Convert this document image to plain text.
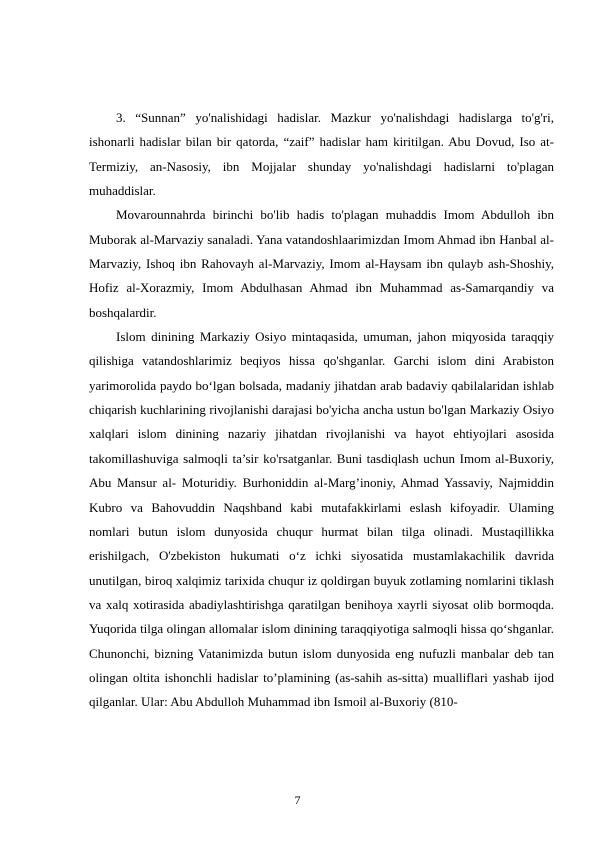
3. “Sunnan” yo'nalishidagi hadislar. Mazkur yo'nalishdagi hadislarga to'g'ri, ishonarli hadislar bilan bir qatorda, “zaif” hadislar ham kiritilgan. Abu Dovud, Iso at-Termiziy, an-Nasosiy, ibn Mojjalar shunday yo'nalishdagi hadislarni to'plagan muhaddislar.

Movarounnahrda birinchi bo'lib hadis to'plagan muhaddis Imom Abdulloh ibn Muborak al-Marvaziy sanaladi. Yana vatandoshlaarimizdan Imom Ahmad ibn Hanbal al-Marvaziy, Ishoq ibn Rahovayh al-Marvaziy, Imom al-Haysam ibn qulayb ash-Shoshiy, Hofiz al-Xorazmiy, Imom Abdulhasan Ahmad ibn Muhammad as-Samarqandiy va boshqalardir.

Islom dinining Markaziy Osiyo mintaqasida, umuman, jahon miqyosida taraqqiy qilishiga vatandoshlarimiz beqiyos hissa qo'shganlar. Garchi islom dini Arabiston yarimorolida paydo bo‘lgan bolsada, madaniy jihatdan arab badaviy qabilalaridan ishlab chiqarish kuchlarining rivojlanishi darajasi bo'yicha ancha ustun bo'lgan Markaziy Osiyo xalqlari islom dinining nazariy jihatdan rivojlanishi va hayot ehtiyojlari asosida takomillashuviga salmoqli ta’sir ko'rsatganlar. Buni tasdiqlash uchun Imom al-Buxoriy, Abu Mansur al- Moturidiy. Burhoniddin al-Marg’inoniy, Ahmad Yassaviy, Najmiddin Kubro va Bahovuddin Naqshband kabi mutafakkirlami eslash kifoyadir. Ulaming nomlari butun islom dunyosida chuqur hurmat bilan tilga olinadi. Mustaqillikka erishilgach, O'zbekiston hukumati o‘z ichki siyosatida mustamlakachilik davrida unutilgan, biroq xalqimiz tarixida chuqur iz qoldirgan buyuk zotlaming nomlarini tiklash va xalq xotirasida abadiylashtirishga qaratilgan benihoya xayrli siyosat olib bormoqda. Yuqorida tilga olingan allomalar islom dinining taraqqiyotiga salmoqli hissa qo‘shganlar. Chunonchi, bizning Vatanimizda butun islom dunyosida eng nufuzli manbalar deb tan olingan oltita ishonchli hadislar to’plamining (as-sahih as-sitta) mualliflari yashab ijod qilganlar. Ular: Abu Abdulloh Muhammad ibn Ismoil al-Buxoriy (810-

7
